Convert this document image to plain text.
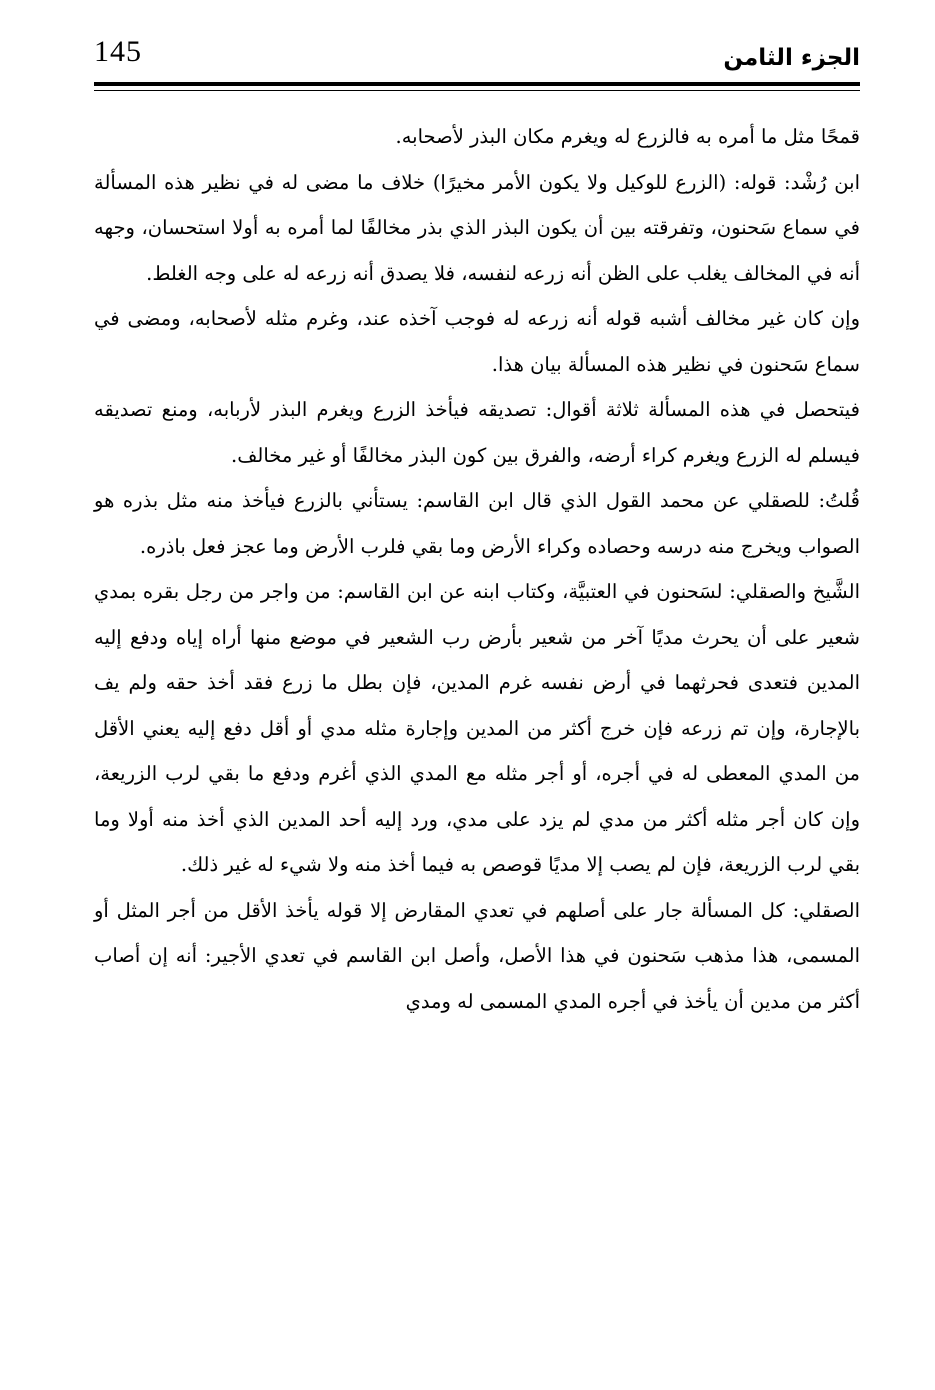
145	الجزء الثامن

قمحًا مثل ما أمره به فالزرع له ويغرم مكان البذر لأصحابه.

ابن رُشْد: قوله: (الزرع للوكيل ولا يكون الأمر مخيرًا) خلاف ما مضى له في نظير هذه المسألة في سماع سَحنون، وتفرقته بين أن يكون البذر الذي بذر مخالفًا لما أمره به أولا استحسان، وجهه أنه في المخالف يغلب على الظن أنه زرعه لنفسه، فلا يصدق أنه زرعه له على وجه الغلط.

وإن كان غير مخالف أشبه قوله أنه زرعه له فوجب آخذه عند، وغرم مثله لأصحابه، ومضى في سماع سَحنون في نظير هذه المسألة بيان هذا.

فيتحصل في هذه المسألة ثلاثة أقوال: تصديقه فيأخذ الزرع ويغرم البذر لأربابه، ومنع تصديقه فيسلم له الزرع ويغرم كراء أرضه، والفرق بين كون البذر مخالفًا أو غير مخالف.

قُلتُ: للصقلي عن محمد القول الذي قال ابن القاسم: يستأني بالزرع فيأخذ منه مثل بذره هو الصواب ويخرج منه درسه وحصاده وكراء الأرض وما بقي فلرب الأرض وما عجز فعل باذره.

الشَّيخ والصقلي: لسَحنون في العتبيَّة، وكتاب ابنه عن ابن القاسم: من واجر من رجل بقره بمدي شعير على أن يحرث مديًا آخر من شعير بأرض رب الشعير في موضع منها أراه إياه ودفع إليه المدين فتعدى فحرثهما في أرض نفسه غرم المدين، فإن بطل ما زرع فقد أخذ حقه ولم يف بالإجارة، وإن تم زرعه فإن خرج أكثر من المدين وإجارة مثله مدي أو أقل دفع إليه يعني الأقل من المدي المعطى له في أجره، أو أجر مثله مع المدي الذي أغرم ودفع ما بقي لرب الزريعة، وإن كان أجر مثله أكثر من مدي لم يزد على مدي، ورد إليه أحد المدين الذي أخذ منه أولا وما بقي لرب الزريعة، فإن لم يصب إلا مديًا قوصص به فيما أخذ منه ولا شيء له غير ذلك.

الصقلي: كل المسألة جار على أصلهم في تعدي المقارض إلا قوله يأخذ الأقل من أجر المثل أو المسمى، هذا مذهب سَحنون في هذا الأصل، وأصل ابن القاسم في تعدي الأجير: أنه إن أصاب أكثر من مدين أن يأخذ في أجره المدي المسمى له ومدي
